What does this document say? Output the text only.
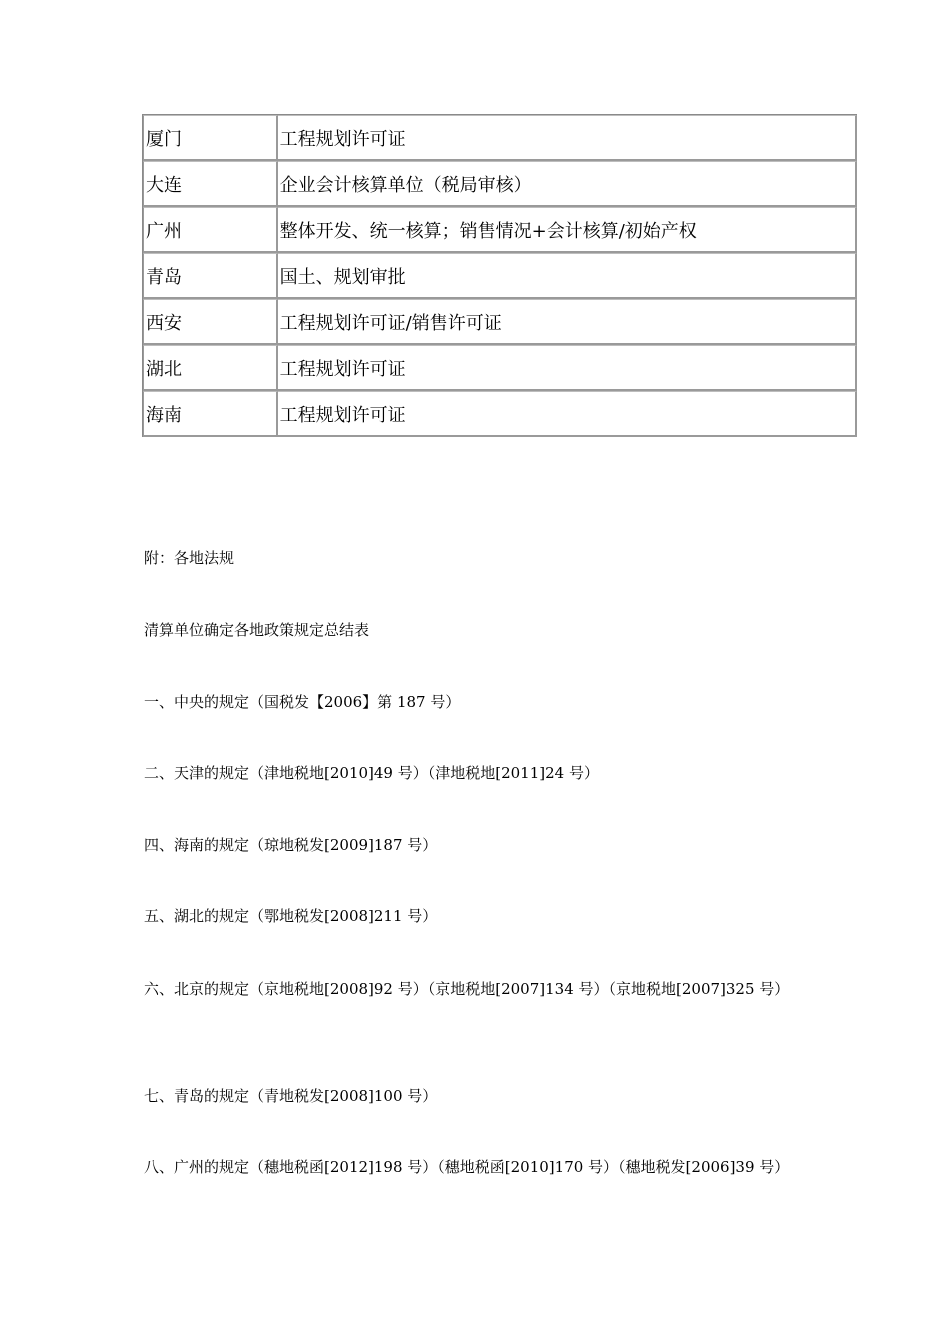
厦门	工程规划许可证
大连	企业会计核算单位（税局审核）
广州	整体开发、统一核算；销售情况+会计核算/初始产权
青岛	国土、规划审批
西安	工程规划许可证/销售许可证
湖北	工程规划许可证
海南	工程规划许可证
附：各地法规
清算单位确定各地政策规定总结表
一、中央的规定（国税发【2006】第 187 号）
二、天津的规定（津地税地[2010]49 号）（津地税地[2011]24 号）
四、海南的规定（琼地税发[2009]187 号）
五、湖北的规定（鄂地税发[2008]211 号）
六、北京的规定（京地税地[2008]92 号）（京地税地[2007]134 号）（京地税地[2007]325 号）
七、青岛的规定（青地税发[2008]100 号）
八、广州的规定（穗地税函[2012]198 号）（穗地税函[2010]170 号）（穗地税发[2006]39 号）
